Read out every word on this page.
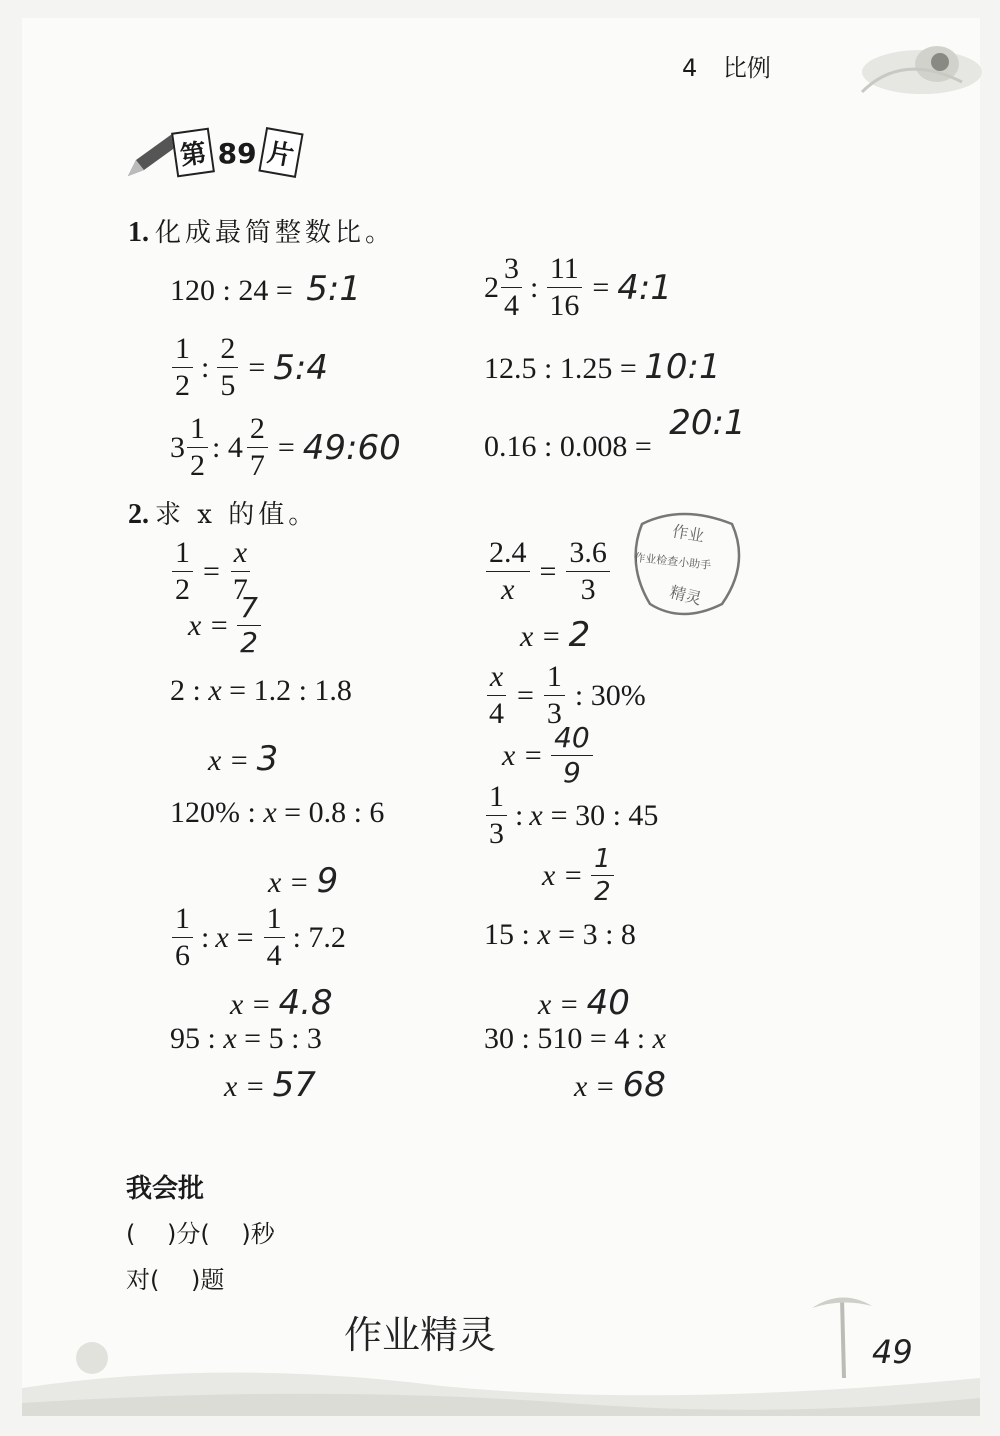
4 比例
第 89 片
1. 化成最简整数比。
120 : 24 = 5:1	$2 \frac{3}{4}$ : $\frac{11}{16}$ = 4:1
$\frac{1}{2}$ : $\frac{2}{5}$ = 5:4	12.5 : 1.25 = 10:1
$3 \frac{1}{2}$ : $4 \frac{2}{7}$ = 49:60	0.16 : 0.008 = 20:1
2. 求 x 的值。
作业
作业检查小助手
精灵
$\frac{1}{2} = \frac{x}{7}$
$x = \frac{7}{2}$
$\frac{2.4}{x} = \frac{3.6}{3}$
x = 2
2 : x = 1.2 : 1.8
x = 3
$\frac{x}{4} = \frac{1}{3}$ : 30%
$x = \frac{40}{9}$
120% : x = 0.8 : 6
x = 9
$\frac{1}{3}$ : x = 30 : 45
$x = \frac{1}{2}$
$\frac{1}{6}$ : $x = \frac{1}{4}$ : 7.2
x = 4.8
15 : x = 3 : 8
x = 40
95 : x = 5 : 3
x = 57
30 : 510 = 4 : x
x = 68
我会批
(　 )分(　 )秒
对(　 )题
作业精灵	49
